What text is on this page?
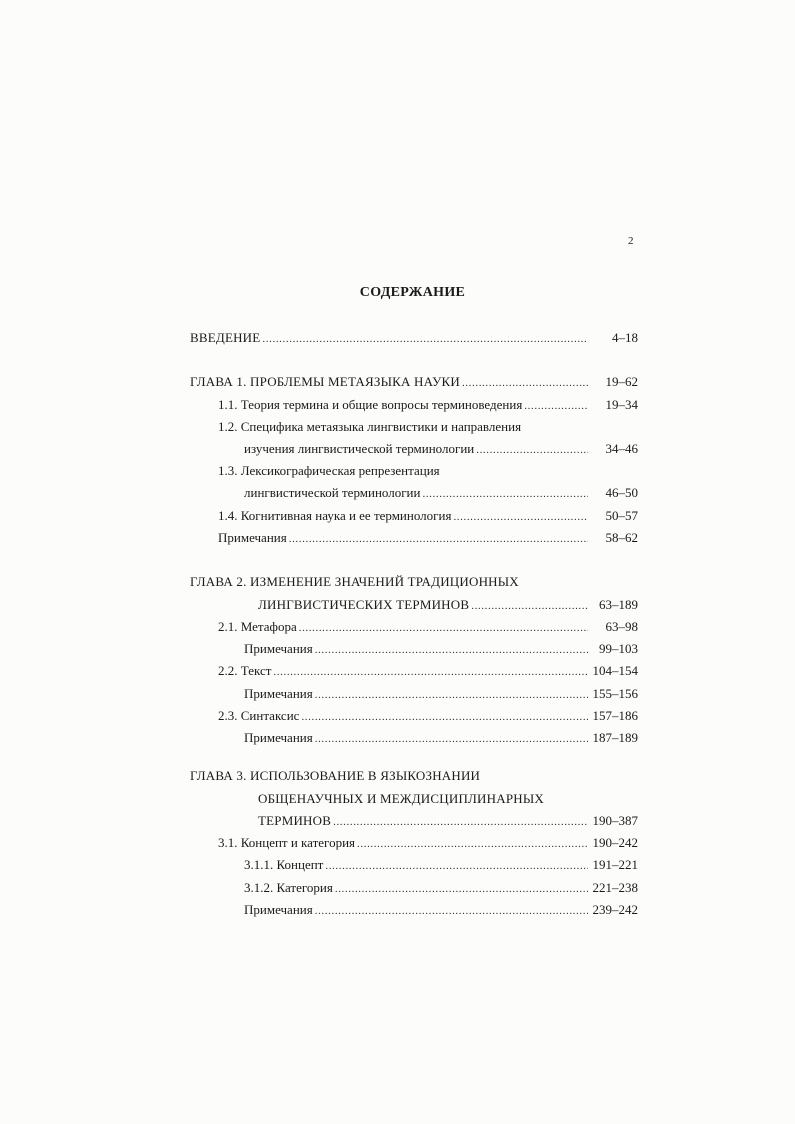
2
СОДЕРЖАНИЕ
ВВЕДЕНИЕ .....	4–18
ГЛАВА 1. ПРОБЛЕМЫ МЕТАЯЗЫКА НАУКИ .....	19–62
1.1. Теория термина и общие вопросы терминоведения .....	19–34
1.2. Специфика метаязыка лингвистики и направления
изучения лингвистической терминологии .....	34–46
1.3. Лексикографическая репрезентация
лингвистической терминологии .....	46–50
1.4. Когнитивная наука и ее терминология .....	50–57
Примечания .....	58–62
ГЛАВА 2. ИЗМЕНЕНИЕ ЗНАЧЕНИЙ ТРАДИЦИОННЫХ
ЛИНГВИСТИЧЕСКИХ ТЕРМИНОВ .....	63–189
2.1. Метафора .....	63–98
Примечания .....	99–103
2.2. Текст .....	104–154
Примечания .....	155–156
2.3. Синтаксис .....	157–186
Примечания .....	187–189
ГЛАВА 3. ИСПОЛЬЗОВАНИЕ В ЯЗЫКОЗНАНИИ
ОБЩЕНАУЧНЫХ И МЕЖДИСЦИПЛИНАРНЫХ
ТЕРМИНОВ .....	190–387
3.1. Концепт и категория .....	190–242
3.1.1. Концепт .....	191–221
3.1.2. Категория .....	221–238
Примечания .....	239–242
